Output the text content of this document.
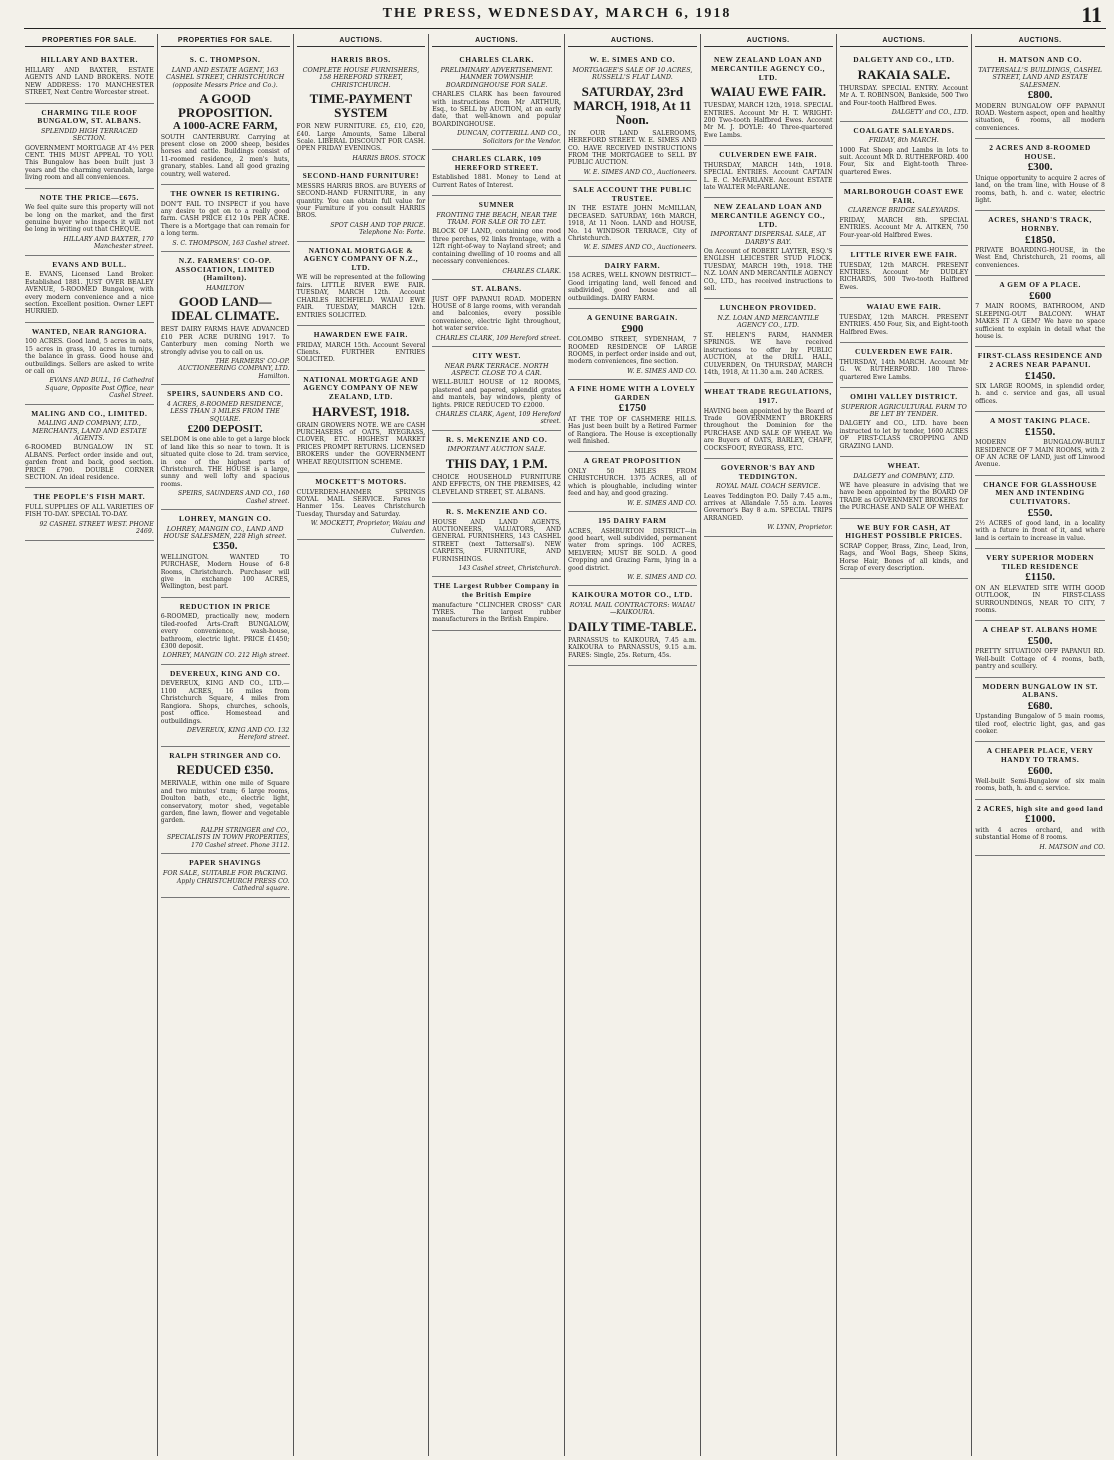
THE PRESS, WEDNESDAY, MARCH 6, 1918	11
PROPERTIES FOR SALE.
HILLARY AND BAXTER.
HILLARY AND BAXTER, ESTATE AGENTS AND LAND BROKERS. NOTE NEW ADDRESS: 170 MANCHESTER STREET, Next Centre Worcester street.
CHARMING TILE ROOF BUNGALOW, ST. ALBANS.
SPLENDID HIGH TERRACED SECTION.
GOVERNMENT MORTGAGE AT 4½ PER CENT. THIS MUST APPEAL TO YOU. This Bungalow has been built just 3 years and the charming verandah, large living room and all conveniences.
NOTE THE PRICE—£675.
We feel quite sure this property will not be long on the market, and the first genuine buyer who inspects it will not be long in writing out that CHEQUE.
HILLARY AND BAXTER, 170 Manchester street.
EVANS AND BULL.
E. EVANS, Licensed Land Broker. Established 1881. JUST OVER BEALEY AVENUE, 5-ROOMED Bungalow, with every modern convenience and a nice section. Excellent position. Owner LEFT HURRIED.
WANTED, NEAR RANGIORA.
100 ACRES. Good land, 5 acres in oats, 15 acres in grass, 10 acres in turnips, the balance in grass. Good house and outbuildings. Sellers are asked to write or call on
EVANS AND BULL, 16 Cathedral Square, Opposite Post Office, near Cashel Street.
MALING AND CO., LIMITED.
MALING AND COMPANY, LTD., MERCHANTS, LAND AND ESTATE AGENTS.
6-ROOMED BUNGALOW IN ST. ALBANS. Perfect order inside and out, garden front and back, good section. PRICE £790. DOUBLE CORNER SECTION. An ideal residence.
THE PEOPLE'S FISH MART.
FULL SUPPLIES OF ALL VARIETIES OF FISH TO-DAY. SPECIAL TO-DAY.
92 CASHEL STREET WEST. PHONE 2469.
PROPERTIES FOR SALE.
S. C. THOMPSON.
LAND AND ESTATE AGENT, 163 CASHEL STREET, CHRISTCHURCH (opposite Messrs Price and Co.).
A GOOD PROPOSITION.
A 1000-ACRE FARM,
SOUTH CANTERBURY. Carrying at present close on 2000 sheep, besides horses and cattle. Buildings consist of 11-roomed residence, 2 men's huts, granary, stables. Land all good grazing country, well watered.
THE OWNER IS RETIRING.
DON'T FAIL TO INSPECT if you have any desire to get on to a really good farm. CASH PRICE £12 10s PER ACRE. There is a Mortgage that can remain for a long term.
S. C. THOMPSON, 163 Cashel street.
N.Z. FARMERS' CO-OP. ASSOCIATION, LIMITED (Hamilton).
HAMILTON
GOOD LAND—IDEAL CLIMATE.
BEST DAIRY FARMS HAVE ADVANCED £10 PER ACRE DURING 1917. To Canterbury men coming North we strongly advise you to call on us.
THE FARMERS' CO-OP. AUCTIONEERING COMPANY, LTD. Hamilton.
SPEIRS, SAUNDERS AND CO.
4 ACRES, 8-ROOMED RESIDENCE, LESS THAN 3 MILES FROM THE SQUARE.
£200 DEPOSIT.
SELDOM is one able to get a large block of land like this so near to town. It is situated quite close to 2d. tram service, in one of the highest parts of Christchurch. THE HOUSE is a large, sunny and well lofty and spacious rooms.
SPEIRS, SAUNDERS AND CO., 160 Cashel street.
LOHREY, MANGIN CO.
LOHREY, MANGIN CO., LAND AND HOUSE SALESMEN, 228 High street.
£350.
WELLINGTON. WANTED TO PURCHASE, Modern House of 6-8 Rooms, Christchurch. Purchaser will give in exchange 100 ACRES, Wellington, best part.
REDUCTION IN PRICE
6-ROOMED, practically new, modern tiled-roofed Arts-Craft BUNGALOW, every convenience, wash-house, bathroom, electric light. PRICE £1450; £300 deposit.
LOHREY, MANGIN CO. 212 High street.
DEVEREUX, KING AND CO.
DEVEREUX, KING AND CO., LTD.—1100 ACRES, 16 miles from Christchurch Square, 4 miles from Rangiora. Shops, churches, schools, post office. Homestead and outbuildings.
DEVEREUX, KING AND CO. 132 Hereford street.
RALPH STRINGER AND CO.
REDUCED £350.
MERIVALE, within one mile of Square and two minutes' tram; 6 large rooms, Doulton bath, etc., electric light, conservatory, motor shed, vegetable garden, fine lawn, flower and vegetable garden.
RALPH STRINGER and CO., SPECIALISTS IN TOWN PROPERTIES, 170 Cashel street. Phone 3112.
PAPER SHAVINGS
FOR SALE, SUITABLE FOR PACKING.
Apply CHRISTCHURCH PRESS CO. Cathedral square.
AUCTIONS.
HARRIS BROS.
COMPLETE HOUSE FURNISHERS, 158 HEREFORD STREET, CHRISTCHURCH.
TIME-PAYMENT SYSTEM
FOR NEW FURNITURE. £5, £10, £20, £40. Large Amounts, Same Liberal Scale. LIBERAL DISCOUNT FOR CASH. OPEN FRIDAY EVENINGS.
HARRIS BROS. STOCK
SECOND-HAND FURNITURE!
MESSRS HARRIS BROS. are BUYERS of SECOND-HAND FURNITURE, in any quantity. You can obtain full value for your Furniture if you consult HARRIS BROS.
SPOT CASH AND TOP PRICE. Telephone No: Forte.
NATIONAL MORTGAGE & AGENCY COMPANY OF N.Z., LTD.
WE will be represented at the following fairs. LITTLE RIVER EWE FAIR. TUESDAY, MARCH 12th. Account CHARLES RICHFIELD. WAIAU EWE FAIR. TUESDAY, MARCH 12th. ENTRIES SOLICITED.
HAWARDEN EWE FAIR.
FRIDAY, MARCH 15th. Account Several Clients. FURTHER ENTRIES SOLICITED.
NATIONAL MORTGAGE AND AGENCY COMPANY OF NEW ZEALAND, LTD.
HARVEST, 1918.
GRAIN GROWERS NOTE. WE are CASH PURCHASERS of OATS, RYEGRASS, CLOVER, ETC. HIGHEST MARKET PRICES PROMPT RETURNS. LICENSED BROKERS under the GOVERNMENT WHEAT REQUISITION SCHEME.
MOCKETT'S MOTORS.
CULVERDEN-HANMER SPRINGS ROYAL MAIL SERVICE. Fares to Hanmer 15s. Leaves Christchurch Tuesday, Thursday and Saturday.
W. MOCKETT, Proprietor, Waiau and Culverden.
AUCTIONS.
CHARLES CLARK.
PRELIMINARY ADVERTISEMENT. HANMER TOWNSHIP. BOARDINGHOUSE FOR SALE.
CHARLES CLARK has been favoured with instructions from Mr ARTHUR, Esq., to SELL by AUCTION, at an early date, that well-known and popular BOARDINGHOUSE.
DUNCAN, COTTERILL AND CO., Solicitors for the Vendor.
CHARLES CLARK, 109 HEREFORD STREET.
Established 1881. Money to Lend at Current Rates of Interest.
SUMNER
FRONTING THE BEACH, NEAR THE TRAM. FOR SALE OR TO LET.
BLOCK OF LAND, containing one rood three perches, 92 links frontage, with a 12ft right-of-way to Nayland street; and containing dwelling of 10 rooms and all necessary conveniences.
CHARLES CLARK.
ST. ALBANS.
JUST OFF PAPANUI ROAD. MODERN HOUSE of 8 large rooms, with verandah and balconies, every possible convenience, electric light throughout, hot water service.
CHARLES CLARK, 109 Hereford street.
CITY WEST.
NEAR PARK TERRACE. NORTH ASPECT. CLOSE TO A CAR.
WELL-BUILT HOUSE of 12 ROOMS, plastered and papered, splendid grates and mantels, bay windows, plenty of lights. PRICE REDUCED TO £2000.
CHARLES CLARK, Agent, 109 Hereford street.
R. S. McKENZIE AND CO.
IMPORTANT AUCTION SALE.
THIS DAY, 1 P.M.
CHOICE HOUSEHOLD FURNITURE AND EFFECTS, ON THE PREMISES, 42 CLEVELAND STREET, ST. ALBANS.
R. S. McKENZIE AND CO.
HOUSE AND LAND AGENTS, AUCTIONEERS, VALUATORS, AND GENERAL FURNISHERS, 143 CASHEL STREET (next Tattersall's). NEW CARPETS, FURNITURE, AND FURNISHINGS.
143 Cashel street, Christchurch.
THE Largest Rubber Company in the British Empire
manufacture "CLINCHER CROSS" CAR TYRES. The largest rubber manufacturers in the British Empire.
AUCTIONS.
W. E. SIMES AND CO.
MORTGAGEE'S SALE OF 10 ACRES, RUSSELL'S FLAT LAND.
SATURDAY, 23rd MARCH, 1918, At 11 Noon.
IN OUR LAND SALEROOMS, HEREFORD STREET. W. E. SIMES AND CO. HAVE RECEIVED INSTRUCTIONS FROM THE MORTGAGEE to SELL BY PUBLIC AUCTION.
W. E. SIMES AND CO., Auctioneers.
SALE ACCOUNT THE PUBLIC TRUSTEE.
IN THE ESTATE JOHN McMILLAN, DECEASED. SATURDAY, 16th MARCH, 1918, At 11 Noon. LAND and HOUSE, No. 14 WINDSOR TERRACE, City of Christchurch.
W. E. SIMES AND CO., Auctioneers.
DAIRY FARM.
158 ACRES, WELL KNOWN DISTRICT—Good irrigating land, well fenced and subdivided, good house and all outbuildings. DAIRY FARM.
A GENUINE BARGAIN.
£900
COLOMBO STREET, SYDENHAM, 7 ROOMED RESIDENCE OF LARGE ROOMS, in perfect order inside and out, modern conveniences, fine section.
W. E. SIMES AND CO.
A FINE HOME WITH A LOVELY GARDEN
£1750
AT THE TOP OF CASHMERE HILLS. Has just been built by a Retired Farmer of Rangiora. The House is exceptionally well finished.
A GREAT PROPOSITION
ONLY 50 MILES FROM CHRISTCHURCH. 1375 ACRES, all of which is ploughable, including winter feed and hay, and good grazing.
W. E. SIMES AND CO.
195 DAIRY FARM
ACRES, ASHBURTON DISTRICT—in good heart, well subdivided, permanent water from springs. 100 ACRES, MELVERN; MUST BE SOLD. A good Cropping and Grazing Farm, lying in a good district.
W. E. SIMES AND CO.
KAIKOURA MOTOR CO., LTD.
ROYAL MAIL CONTRACTORS: WAIAU—KAIKOURA.
DAILY TIME-TABLE.
PARNASSUS to KAIKOURA, 7.45 a.m. KAIKOURA to PARNASSUS, 9.15 a.m. FARES: Single, 25s. Return, 45s.
AUCTIONS.
NEW ZEALAND LOAN AND MERCANTILE AGENCY CO., LTD.
WAIAU EWE FAIR.
TUESDAY, MARCH 12th, 1918. SPECIAL ENTRIES. Account Mr H. T. WRIGHT: 200 Two-tooth Halfbred Ewes. Account Mr M. J. DOYLE: 40 Three-quartered Ewe Lambs.
CULVERDEN EWE FAIR.
THURSDAY, MARCH 14th, 1918. SPECIAL ENTRIES. Account CAPTAIN L. E. C. McFARLANE. Account ESTATE late WALTER McFARLANE.
NEW ZEALAND LOAN AND MERCANTILE AGENCY CO., LTD.
IMPORTANT DISPERSAL SALE, AT DARBY'S BAY.
On Account of ROBERT LAYTER, ESQ.'S ENGLISH LEICESTER STUD FLOCK. TUESDAY, MARCH 19th, 1918. THE N.Z. LOAN AND MERCANTILE AGENCY CO., LTD., has received instructions to sell.
LUNCHEON PROVIDED.
N.Z. LOAN AND MERCANTILE AGENCY CO., LTD.
ST. HELEN'S FARM, HANMER SPRINGS. WE have received instructions to offer by PUBLIC AUCTION, at the DRILL HALL, CULVERDEN, On THURSDAY, MARCH 14th, 1918, At 11.30 a.m. 240 ACRES.
WHEAT TRADE REGULATIONS, 1917.
HAVING been appointed by the Board of Trade GOVERNMENT BROKERS throughout the Dominion for the PURCHASE AND SALE OF WHEAT. We are Buyers of OATS, BARLEY, CHAFF, COCKSFOOT, RYEGRASS, ETC.
GOVERNOR'S BAY AND TEDDINGTON.
ROYAL MAIL COACH SERVICE.
Leaves Teddington P.O. Daily 7.45 a.m., arrives at Allandale 7.55 a.m. Leaves Governor's Bay 8 a.m. SPECIAL TRIPS ARRANGED.
W. LYNN, Proprietor.
AUCTIONS.
DALGETY AND CO., LTD.
RAKAIA SALE.
THURSDAY. SPECIAL ENTRY. Account Mr A. T. ROBINSON, Bankside, 500 Two and Four-tooth Halfbred Ewes.
DALGETY and CO., LTD.
COALGATE SALEYARDS.
FRIDAY, 8th MARCH.
1000 Fat Sheep and Lambs in lots to suit. Account MR D. RUTHERFORD. 400 Four, Six and Eight-tooth Three-quartered Ewes.
MARLBOROUGH COAST EWE FAIR.
CLARENCE BRIDGE SALEYARDS.
FRIDAY, MARCH 8th. SPECIAL ENTRIES. Account Mr A. AITKEN, 750 Four-year-old Halfbred Ewes.
LITTLE RIVER EWE FAIR.
TUESDAY, 12th MARCH. PRESENT ENTRIES. Account Mr DUDLEY RICHARDS, 500 Two-tooth Halfbred Ewes.
WAIAU EWE FAIR.
TUESDAY, 12th MARCH. PRESENT ENTRIES. 450 Four, Six, and Eight-tooth Halfbred Ewes.
CULVERDEN EWE FAIR.
THURSDAY, 14th MARCH. Account Mr G. W. RUTHERFORD. 180 Three-quartered Ewe Lambs.
OMIHI VALLEY DISTRICT.
SUPERIOR AGRICULTURAL FARM TO BE LET BY TENDER.
DALGETY and CO., LTD. have been instructed to let by tender, 1600 ACRES OF FIRST-CLASS CROPPING AND GRAZING LAND.
WHEAT.
DALGETY and COMPANY, LTD.
WE have pleasure in advising that we have been appointed by the BOARD OF TRADE as GOVERNMENT BROKERS for the PURCHASE AND SALE OF WHEAT.
WE BUY FOR CASH, AT HIGHEST POSSIBLE PRICES.
SCRAP Copper, Brass, Zinc, Lead, Iron, Rags, and Wool Bags, Sheep Skins, Horse Hair, Bones of all kinds, and Scrap of every description.
AUCTIONS.
H. MATSON AND CO.
TATTERSALL'S BUILDINGS, CASHEL STREET, LAND AND ESTATE SALESMEN.
£800.
MODERN BUNGALOW OFF PAPANUI ROAD. Western aspect, open and healthy situation, 6 rooms, all modern conveniences.
2 ACRES AND 8-ROOMED HOUSE.
£300.
Unique opportunity to acquire 2 acres of land, on the tram line, with House of 8 rooms, bath, h. and c. water, electric light.
ACRES, SHAND'S TRACK, HORNBY.
£1850.
PRIVATE BOARDING-HOUSE, in the West End, Christchurch, 21 rooms, all conveniences.
A GEM OF A PLACE.
£600
7 MAIN ROOMS, BATHROOM, AND SLEEPING-OUT BALCONY. WHAT MAKES IT A GEM? We have no space sufficient to explain in detail what the house is.
FIRST-CLASS RESIDENCE AND 2 ACRES NEAR PAPANUI.
£1450.
SIX LARGE ROOMS, in splendid order, h. and c. service and gas, all usual offices.
A MOST TAKING PLACE.
£1550.
MODERN BUNGALOW-BUILT RESIDENCE OF 7 MAIN ROOMS, with 2 OF AN ACRE OF LAND, just off Linwood Avenue.
CHANCE FOR GLASSHOUSE MEN AND INTENDING CULTIVATORS.
£550.
2½ ACRES of good land, in a locality with a future in front of it, and where land is certain to increase in value.
VERY SUPERIOR MODERN TILED RESIDENCE
£1150.
ON AN ELEVATED SITE WITH GOOD OUTLOOK, IN FIRST-CLASS SURROUNDINGS, NEAR TO CITY, 7 rooms.
A CHEAP ST. ALBANS HOME
£500.
PRETTY SITUATION OFF PAPANUI RD. Well-built Cottage of 4 rooms, bath, pantry and scullery.
MODERN BUNGALOW IN ST. ALBANS.
£680.
Upstanding Bungalow of 5 main rooms, tiled roof, electric light, gas, and gas cooker.
A CHEAPER PLACE, VERY HANDY TO TRAMS.
£600.
Well-built Semi-Bungalow of six main rooms, bath, h. and c. service.
2 ACRES, high site and good land
£1000.
with 4 acres orchard, and with substantial Home of 8 rooms.
H. MATSON and CO.
